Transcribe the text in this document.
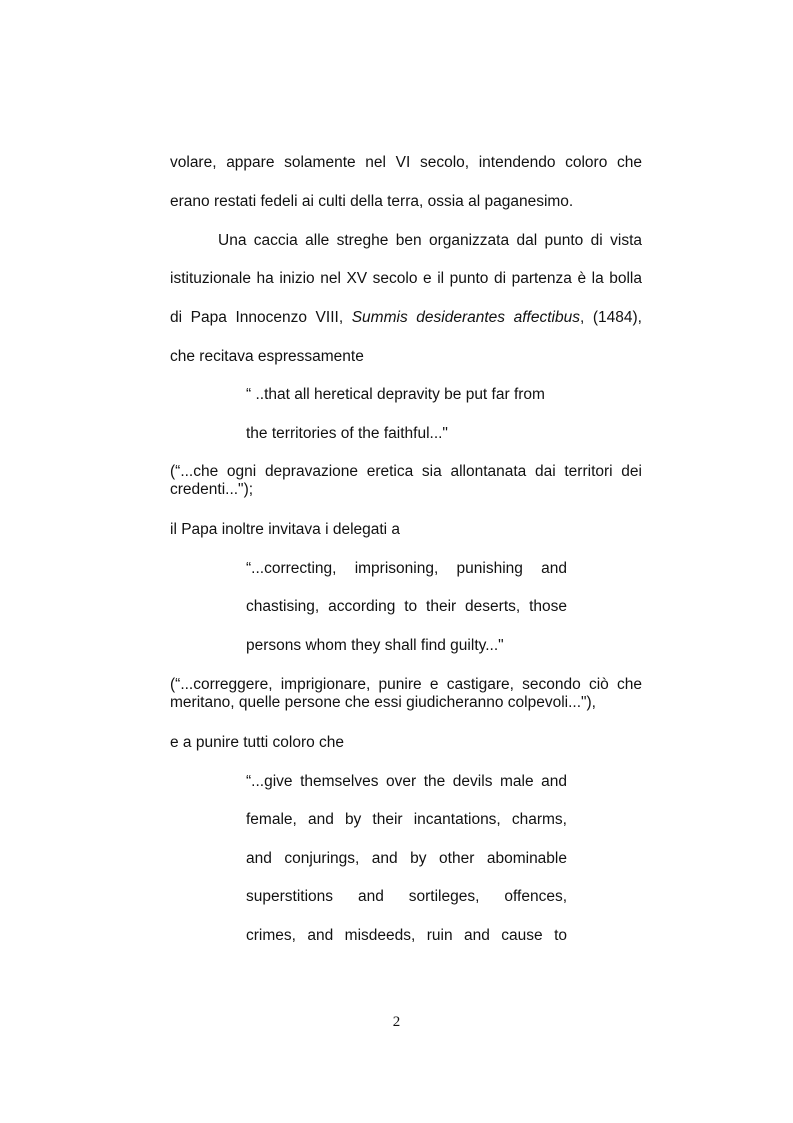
volare, appare solamente nel VI secolo, intendendo coloro che
erano restati fedeli ai culti della terra, ossia al paganesimo.
Una caccia alle streghe ben organizzata dal punto di vista
istituzionale ha inizio nel XV secolo e il punto di partenza è la bolla
di Papa Innocenzo VIII, Summis desiderantes affectibus, (1484),
che recitava espressamente
“ ..that all heretical depravity be put far from
the territories of the faithful..."
(“...che ogni depravazione eretica sia allontanata dai territori dei
credenti...");
il Papa inoltre invitava i delegati a
“...correcting, imprisoning, punishing and
chastising, according to their deserts, those
persons whom they shall find guilty..."
(“...correggere, imprigionare, punire e castigare, secondo ciò che
meritano, quelle persone che essi giudicheranno colpevoli..."),
e a punire tutti coloro che
“...give themselves over the devils male and
female, and by their incantations, charms,
and conjurings, and by other abominable
superstitions and sortileges, offences,
crimes, and misdeeds, ruin and cause to
2
